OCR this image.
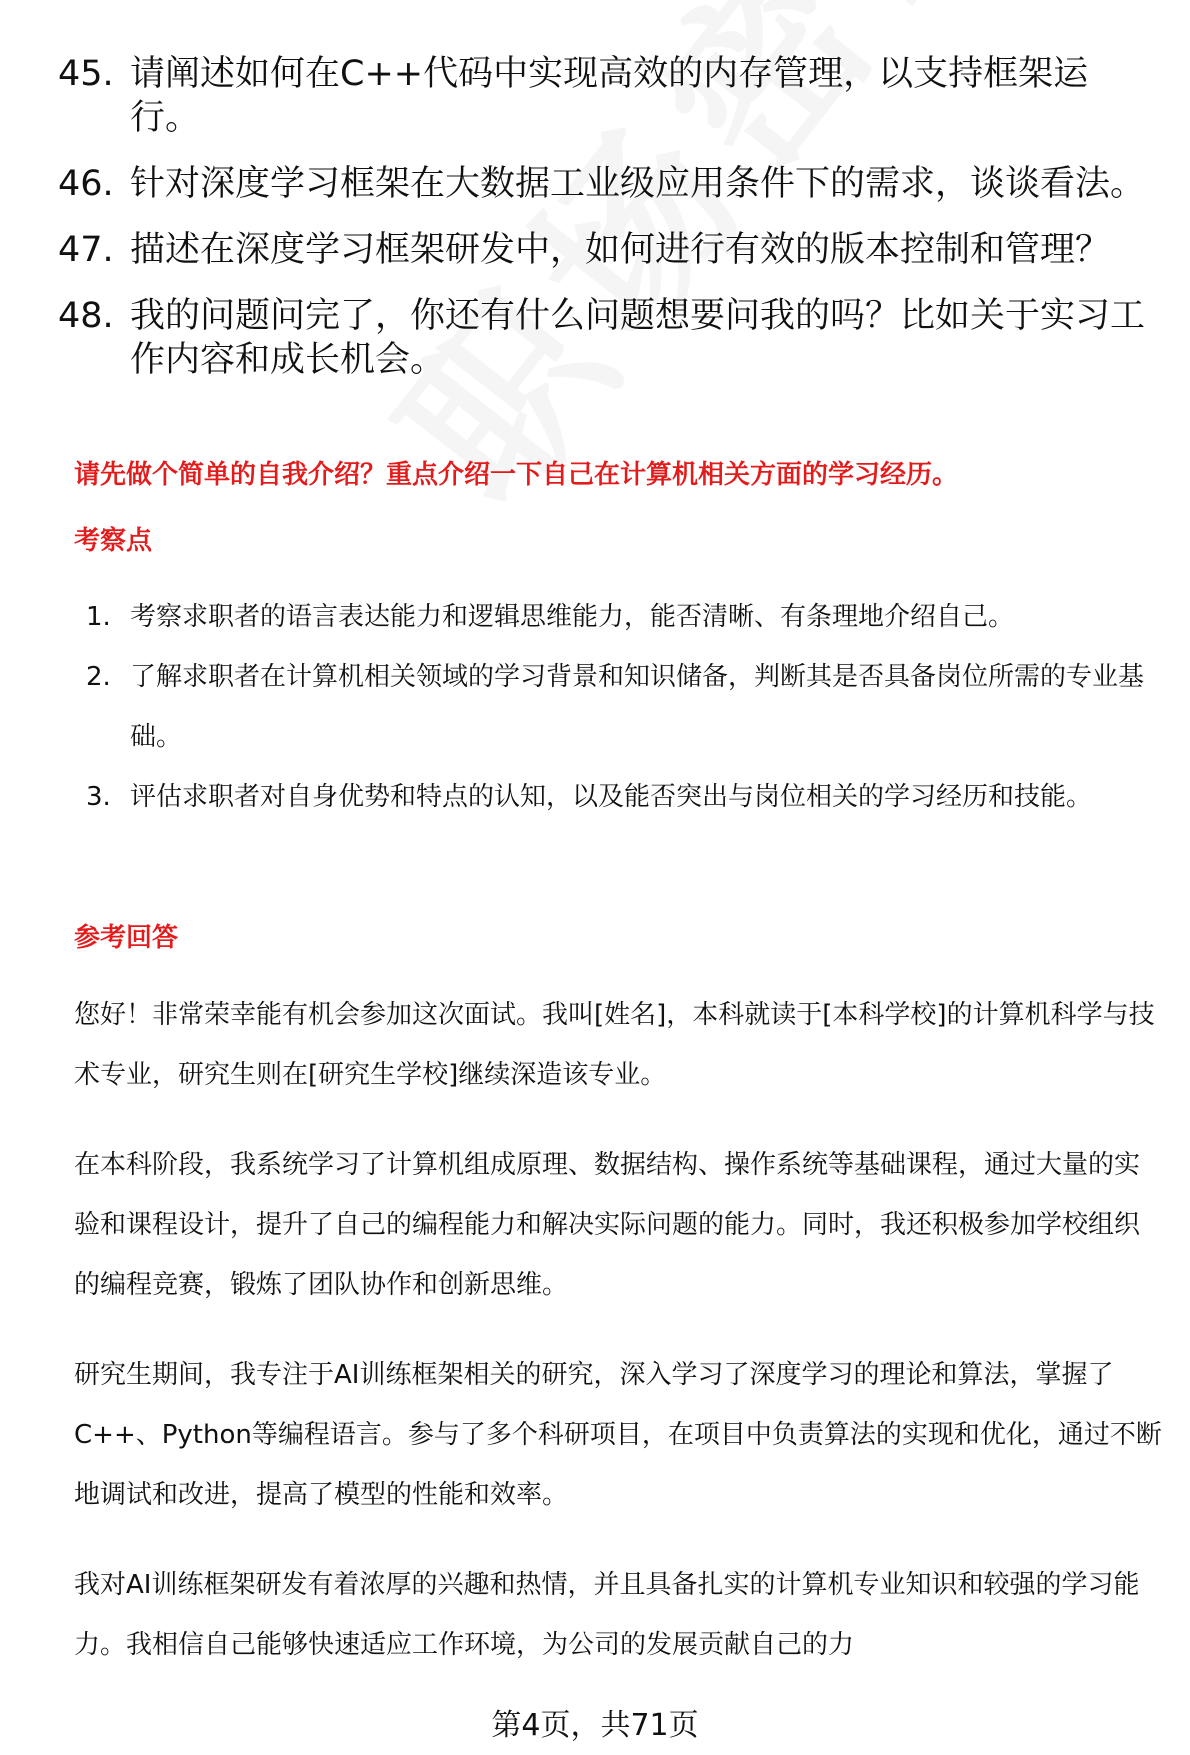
45. 请阐述如何在C++代码中实现高效的内存管理，以支持框架运行。
46. 针对深度学习框架在大数据工业级应用条件下的需求，谈谈看法。
47. 描述在深度学习框架研发中，如何进行有效的版本控制和管理？
48. 我的问题问完了，你还有什么问题想要问我的吗？比如关于实习工作内容和成长机会。
请先做个简单的自我介绍？重点介绍一下自己在计算机相关方面的学习经历。
考察点
1. 考察求职者的语言表达能力和逻辑思维能力，能否清晰、有条理地介绍自己。
2. 了解求职者在计算机相关领域的学习背景和知识储备，判断其是否具备岗位所需的专业基础。
3. 评估求职者对自身优势和特点的认知，以及能否突出与岗位相关的学习经历和技能。
参考回答
您好！非常荣幸能有机会参加这次面试。我叫[姓名]，本科就读于[本科学校]的计算机科学与技术专业，研究生则在[研究生学校]继续深造该专业。
在本科阶段，我系统学习了计算机组成原理、数据结构、操作系统等基础课程，通过大量的实验和课程设计，提升了自己的编程能力和解决实际问题的能力。同时，我还积极参加学校组织的编程竞赛，锻炼了团队协作和创新思维。
研究生期间，我专注于AI训练框架相关的研究，深入学习了深度学习的理论和算法，掌握了C++、Python等编程语言。参与了多个科研项目，在项目中负责算法的实现和优化，通过不断地调试和改进，提高了模型的性能和效率。
我对AI训练框架研发有着浓厚的兴趣和热情，并且具备扎实的计算机专业知识和较强的学习能力。我相信自己能够快速适应工作环境，为公司的发展贡献自己的力
第4页，共71页
